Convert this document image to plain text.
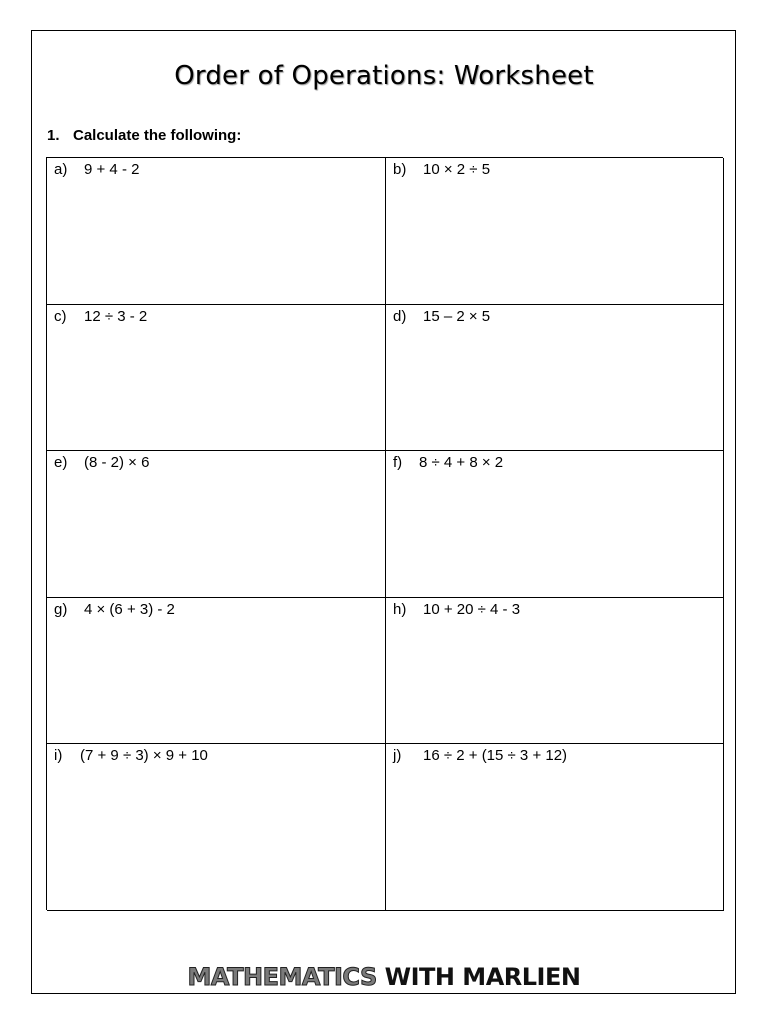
Order of Operations: Worksheet
1. Calculate the following:
a) 9 + 4 - 2	b) 10 × 2 ÷ 5
c) 12 ÷ 3 - 2	d) 15 – 2 × 5
e) (8 - 2) × 6	f) 8 ÷ 4 + 8 × 2
g) 4 × (6 + 3) - 2	h) 10 + 20 ÷ 4 - 3
i) (7 + 9 ÷ 3) × 9 + 10	j) 16 ÷ 2 + (15 ÷ 3 + 12)
MATHEMATICS WITH MARLIEN
